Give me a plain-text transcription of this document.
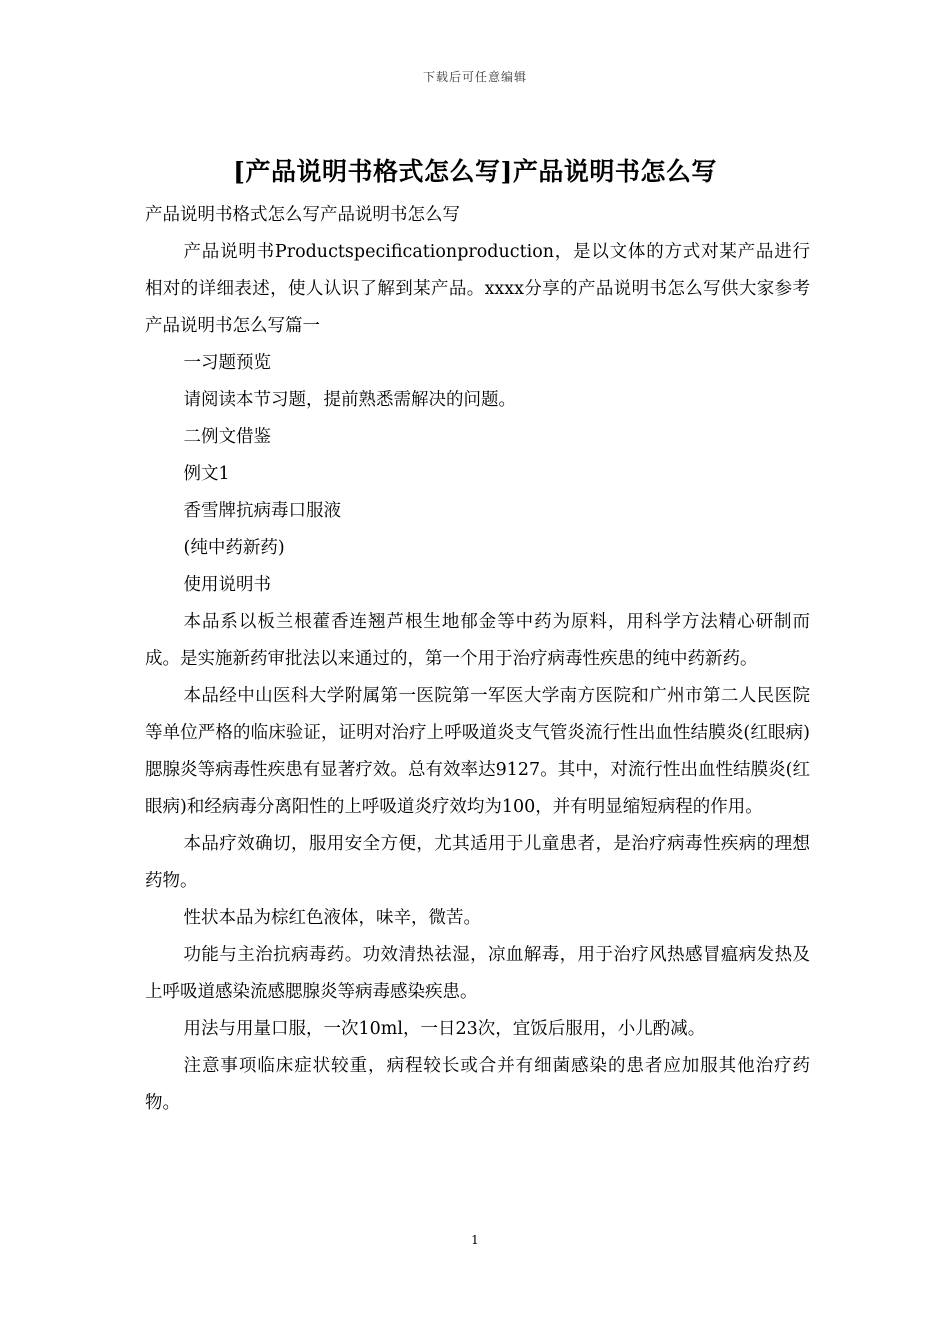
下载后可任意编辑
[产品说明书格式怎么写]产品说明书怎么写

产品说明书格式怎么写产品说明书怎么写

产品说明书Productspecificationproduction，是以文体的方式对某产品进行相对的详细表述，使人认识了解到某产品。xxxx分享的产品说明书怎么写供大家参考产品说明书怎么写篇一

一习题预览

请阅读本节习题，提前熟悉需解决的问题。

二例文借鉴

例文1

香雪牌抗病毒口服液

(纯中药新药)

使用说明书

本品系以板兰根藿香连翘芦根生地郁金等中药为原料，用科学方法精心研制而成。是实施新药审批法以来通过的，第一个用于治疗病毒性疾患的纯中药新药。

本品经中山医科大学附属第一医院第一军医大学南方医院和广州市第二人民医院等单位严格的临床验证，证明对治疗上呼吸道炎支气管炎流行性出血性结膜炎(红眼病)腮腺炎等病毒性疾患有显著疗效。总有效率达9127。其中，对流行性出血性结膜炎(红眼病)和经病毒分离阳性的上呼吸道炎疗效均为100，并有明显缩短病程的作用。

本品疗效确切，服用安全方便，尤其适用于儿童患者，是治疗病毒性疾病的理想药物。

性状本品为棕红色液体，味辛，微苦。

功能与主治抗病毒药。功效清热祛湿，凉血解毒，用于治疗风热感冒瘟病发热及上呼吸道感染流感腮腺炎等病毒感染疾患。

用法与用量口服，一次10ml，一日23次，宜饭后服用，小儿酌减。

注意事项临床症状较重，病程较长或合并有细菌感染的患者应加服其他治疗药物。

1
